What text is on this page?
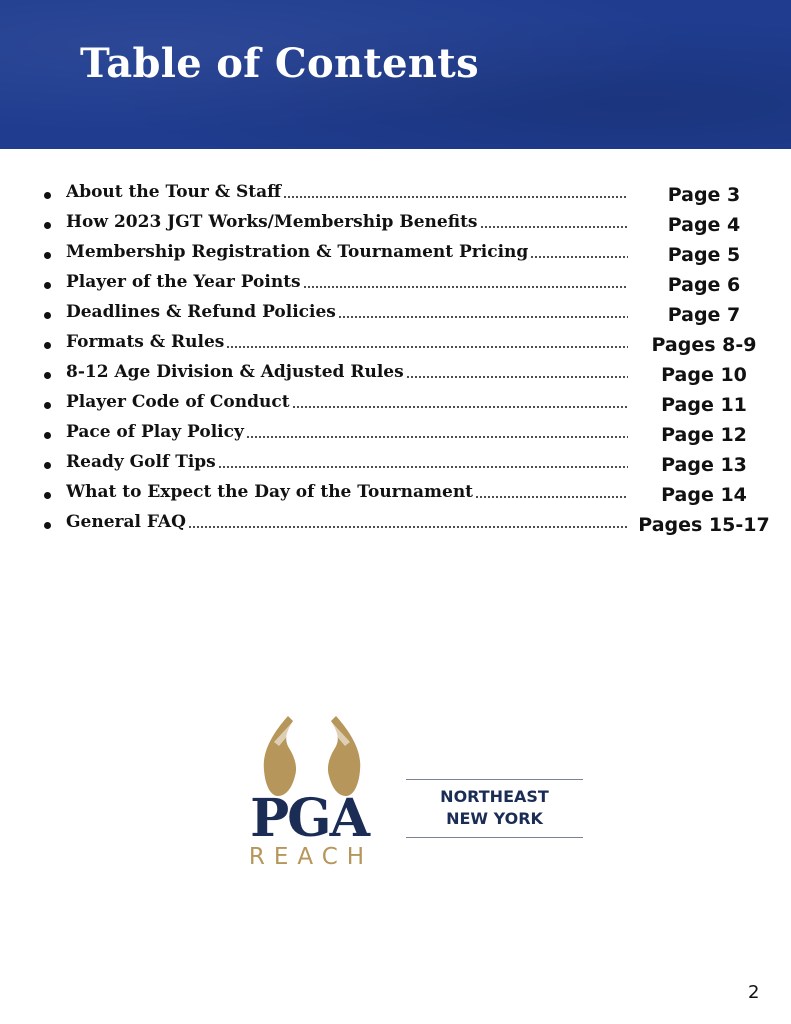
Table of Contents
About the Tour & Staff	Page 3
How 2023 JGT Works/Membership Benefits	Page 4
Membership Registration & Tournament Pricing	Page 5
Player of the Year Points	Page 6
Deadlines & Refund Policies	Page 7
Formats & Rules	Pages 8-9
8-12 Age Division & Adjusted Rules	Page 10
Player Code of Conduct	Page 11
Pace of Play Policy	Page 12
Ready Golf Tips	Page 13
What to Expect the Day of the Tournament	Page 14
General FAQ	Pages 15-17
PGA
REACH
NORTHEAST
NEW YORK
2
